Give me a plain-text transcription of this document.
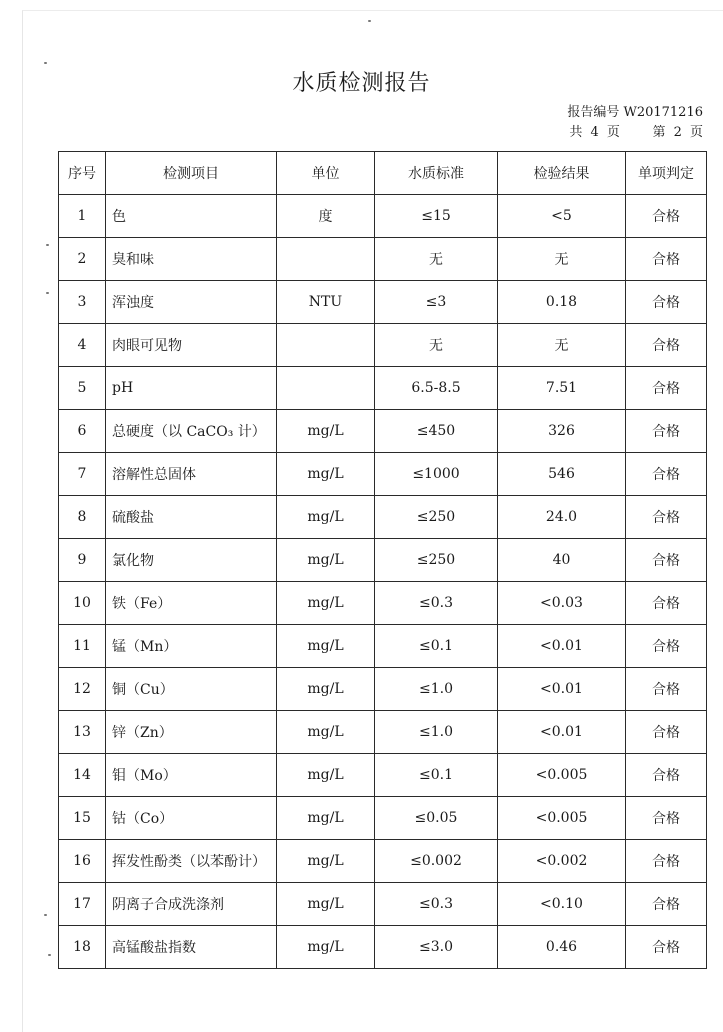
水质检测报告
报告编号 W20171216
共 4 页	第 2 页
序号	检测项目	单位	水质标准	检验结果	单项判定
1	色	度	≤15	<5	合格
2	臭和味		无	无	合格
3	浑浊度	NTU	≤3	0.18	合格
4	肉眼可见物		无	无	合格
5	pH		6.5-8.5	7.51	合格
6	总硬度（以 CaCO₃ 计）	mg/L	≤450	326	合格
7	溶解性总固体	mg/L	≤1000	546	合格
8	硫酸盐	mg/L	≤250	24.0	合格
9	氯化物	mg/L	≤250	40	合格
10	铁（Fe）	mg/L	≤0.3	<0.03	合格
11	锰（Mn）	mg/L	≤0.1	<0.01	合格
12	铜（Cu）	mg/L	≤1.0	<0.01	合格
13	锌（Zn）	mg/L	≤1.0	<0.01	合格
14	钼（Mo）	mg/L	≤0.1	<0.005	合格
15	钴（Co）	mg/L	≤0.05	<0.005	合格
16	挥发性酚类（以苯酚计）	mg/L	≤0.002	<0.002	合格
17	阴离子合成洗涤剂	mg/L	≤0.3	<0.10	合格
18	高锰酸盐指数	mg/L	≤3.0	0.46	合格
